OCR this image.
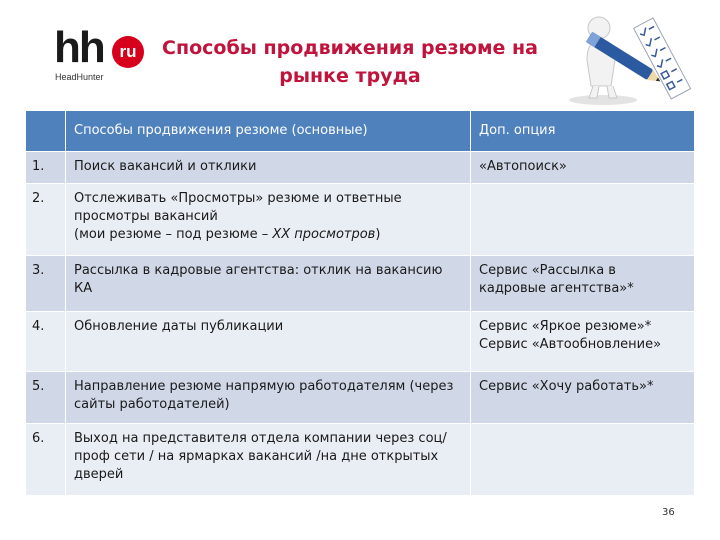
hh ru
HeadHunter
Способы продвижения резюме на рынке труда
	Способы продвижения резюме (основные)	Доп. опция
1.	Поиск вакансий и отклики	«Автопоиск»
2.	Отслеживать «Просмотры» резюме и ответные просмотры вакансий
(мои резюме – под резюме – XX просмотров)	

3.	Рассылка в кадровые агентства: отклик на вакансию КА	Сервис «Рассылка в кадровые агентства»*
4.	Обновление даты публикации	Сервис «Яркое резюме»*
Сервис «Автообновление»

5.	Направление резюме напрямую работодателям (через сайты работодателей)	Сервис «Хочу работать»*
6.	Выход на представителя отдела компании через соц/проф сети / на ярмарках вакансий /на дне открытых дверей	
36
